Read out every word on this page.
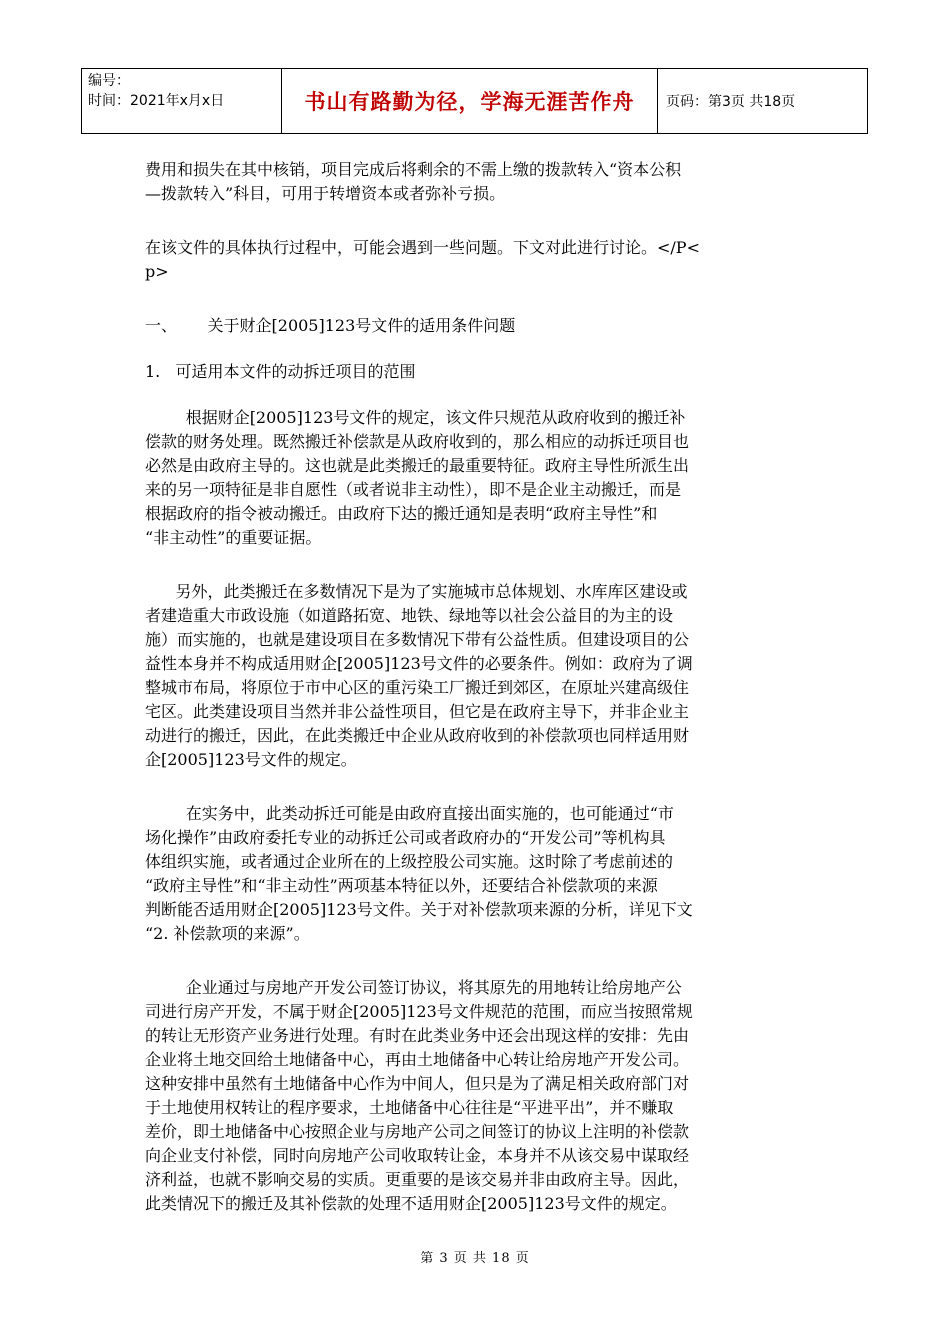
编号：
时间：2021年x月x日	书山有路勤为径，学海无涯苦作舟	页码：第3页 共18页

费用和损失在其中核销，项目完成后将剩余的不需上缴的拨款转入“资本公积
—拨款转入”科目，可用于转增资本或者弥补亏损。

在该文件的具体执行过程中，可能会遇到一些问题。下文对此进行讨论。</P<
p>

一、      关于财企[2005]123号文件的适用条件问题

1.   可适用本文件的动拆迁项目的范围

根据财企[2005]123号文件的规定，该文件只规范从政府收到的搬迁补
偿款的财务处理。既然搬迁补偿款是从政府收到的，那么相应的动拆迁项目也
必然是由政府主导的。这也就是此类搬迁的最重要特征。政府主导性所派生出
来的另一项特征是非自愿性（或者说非主动性），即不是企业主动搬迁，而是
根据政府的指令被动搬迁。由政府下达的搬迁通知是表明“政府主导性”和
“非主动性”的重要证据。

另外，此类搬迁在多数情况下是为了实施城市总体规划、水库库区建设或
者建造重大市政设施（如道路拓宽、地铁、绿地等以社会公益目的为主的设
施）而实施的，也就是建设项目在多数情况下带有公益性质。但建设项目的公
益性本身并不构成适用财企[2005]123号文件的必要条件。例如：政府为了调
整城市布局，将原位于市中心区的重污染工厂搬迁到郊区，在原址兴建高级住
宅区。此类建设项目当然并非公益性项目，但它是在政府主导下，并非企业主
动进行的搬迁，因此，在此类搬迁中企业从政府收到的补偿款项也同样适用财
企[2005]123号文件的规定。

在实务中，此类动拆迁可能是由政府直接出面实施的，也可能通过“市
场化操作”由政府委托专业的动拆迁公司或者政府办的“开发公司”等机构具
体组织实施，或者通过企业所在的上级控股公司实施。这时除了考虑前述的
“政府主导性”和“非主动性”两项基本特征以外，还要结合补偿款项的来源
判断能否适用财企[2005]123号文件。关于对补偿款项来源的分析，详见下文
“2. 补偿款项的来源”。

企业通过与房地产开发公司签订协议，将其原先的用地转让给房地产公
司进行房产开发，不属于财企[2005]123号文件规范的范围，而应当按照常规
的转让无形资产业务进行处理。有时在此类业务中还会出现这样的安排：先由
企业将土地交回给土地储备中心，再由土地储备中心转让给房地产开发公司。
这种安排中虽然有土地储备中心作为中间人，但只是为了满足相关政府部门对
于土地使用权转让的程序要求，土地储备中心往往是“平进平出”，并不赚取
差价，即土地储备中心按照企业与房地产公司之间签订的协议上注明的补偿款
向企业支付补偿，同时向房地产公司收取转让金，本身并不从该交易中谋取经
济利益，也就不影响交易的实质。更重要的是该交易并非由政府主导。因此，
此类情况下的搬迁及其补偿款的处理不适用财企[2005]123号文件的规定。

第 3 页 共 18 页
